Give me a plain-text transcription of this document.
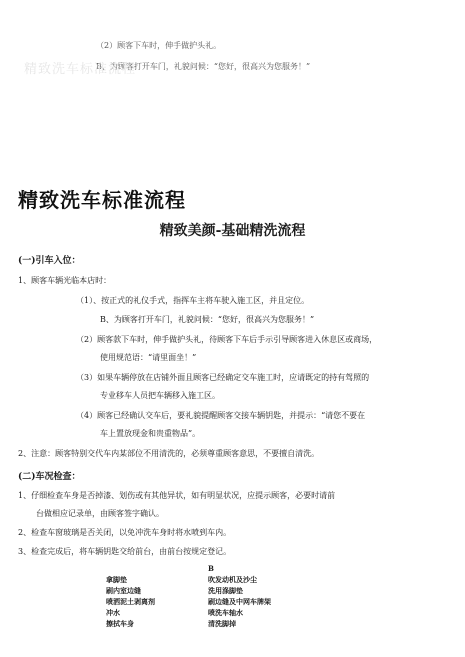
（2）顾客下车时，伸手做护头礼。
B、为顾客打开车门，礼貌问候：“您好，很高兴为您服务！”
精致洗车标准流程
精致洗车标准流程
精致美颜-基础精洗流程
(一)引车入位：
1、顾客车辆光临本店时：
（1）、按正式的礼仪手式，指挥车主将车驶入施工区，并且定位。
B、为顾客打开车门，礼貌问候：“您好，很高兴为您服务！”
（2）顾客款下车时，伸手做护头礼，待顾客下车后手示引导顾客进入休息区或商场，
使用规范语：“请里面坐！”
（3）如果车辆停放在店铺外面且顾客已经确定交车施工时，应请既定的持有驾照的
专业移车人员把车辆移入施工区。
（4）顾客已经确认交车后，要礼貌提醒顾客交接车辆钥匙，并提示：“请您不要在
车上置放现金和贵重物品”。
2、注意：顾客特别交代车内某部位不用清洗的，必须尊重顾客意思，不要擅自清洗。
(二)车况检查：
1、仔细检查车身是否掉漆、划伤或有其他异状，如有明显状况，应提示顾客，必要时请前
台做相应记录单，由顾客签字确认。
2、检查车窗玻璃是否关闭，以免冲洗车身时将水喷到车内。
3、检查完成后，将车辆钥匙交给前台，由前台按规定登记。
B
拿脚垫
刷内室边缝
喷洒泥土剥离剂
冲水
擦拭车身
吹发动机及沙尘
洗用涤脚垫
刷边缝及中网车牌架
喷洗车轴水
清洗脚掉
